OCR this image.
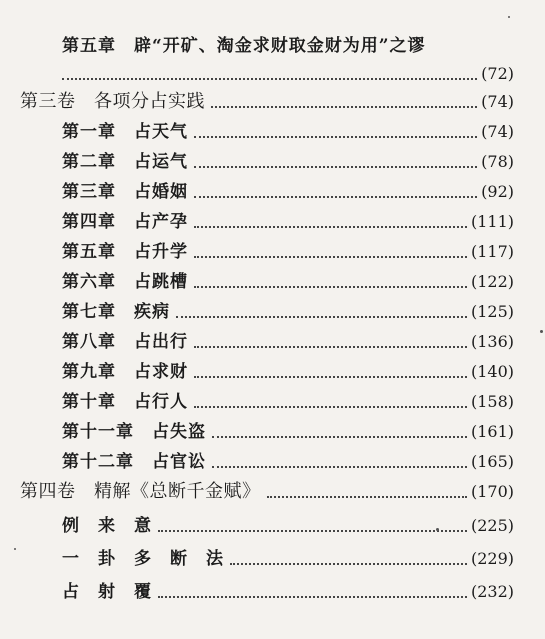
第五章　辟“开矿、淘金求财取金财为用”之谬
(72)
第三卷　各项分占实践	(74)
第一章　占天气	(74)
第二章　占运气	(78)
第三章　占婚姻	(92)
第四章　占产孕	(111)
第五章　占升学	(117)
第六章　占跳槽	(122)
第七章　疾病	(125)
第八章　占出行	(136)
第九章　占求财	(140)
第十章　占行人	(158)
第十一章　占失盗	(161)
第十二章　占官讼	(165)
第四卷　精解《总断千金赋》	(170)
例　来　意	(225)
一　卦　多　断　法	(229)
占　射　覆	(232)
